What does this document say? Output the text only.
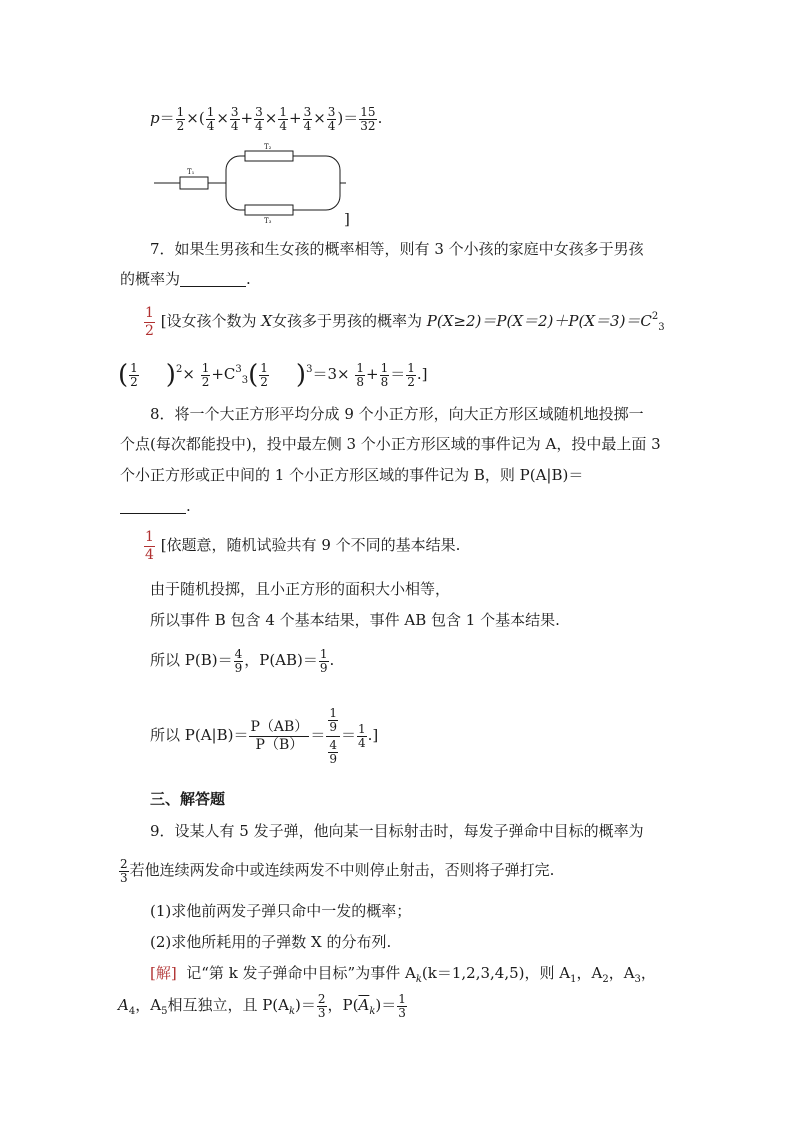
$p= \frac{1}{2}$ ×( $\frac{1}{4} \times \frac{3}{4} + \frac{3}{4} \times \frac{1}{4} + \frac{3}{4} \times \frac{3}{4}$ )＝ $\frac{15}{32}$ .
T₁
T₂
T₃	]
7．如果生男孩和生女孩的概率相等，则有 3 个小孩的家庭中女孩多于男孩
的概率为	.
$\frac{1}{2}$ [设女孩个数为 X女孩多于男孩的概率为 $P(X\ge 2)=P(X=2)+P(X=3)=C^2_3$
( $\frac{1}{2} )^2\times \frac{1}{2} +C^3_3( \frac{1}{2} )^3=3\times \frac{1}{8} + \frac{1}{8} = \frac{1}{2}$ .]
8．将一个大正方形平均分成 9 个小正方形，向大正方形区域随机地投掷一
个点(每次都能投中)，投中最左侧 3 个小正方形区域的事件记为 A，投中最上面 3
个小正方形或正中间的 1 个小正方形区域的事件记为 B，则 P(A|B)＝
.
$\frac{1}{4}$ [依题意，随机试验共有 9 个不同的基本结果.
由于随机投掷，且小正方形的面积大小相等，
所以事件 B 包含 4 个基本结果，事件 AB 包含 1 个基本结果.
所以 $P(B)= \frac{4}{9}$ ，$P(AB)= \frac{1}{9}$ .
所以 $P(A|B)= \frac{P(AB)}{P(B)} = 1$
9
4
$9 = \frac{1}{4}$ .]
三、解答题
9．设某人有 5 发子弹，他向某一目标射击时，每发子弹命中目标的概率为
$\frac{2}{3}$ 若他连续两发命中或连续两发不中则停止射击，否则将子弹打完.
(1)求他前两发子弹只命中一发的概率；
(2)求他所耗用的子弹数 X 的分布列.
[解] 记“第 k 发子弹命中目标”为事件 $A_k(k=1,2,3,4,5)$，则 $A_1$，$A_2$，$A_3$，
$A_4$，$A_5$相互独立，且 $P(A_k)= \frac{2}{3}$ ，$P(\overline{A}_k)= \frac{1}{3}$
